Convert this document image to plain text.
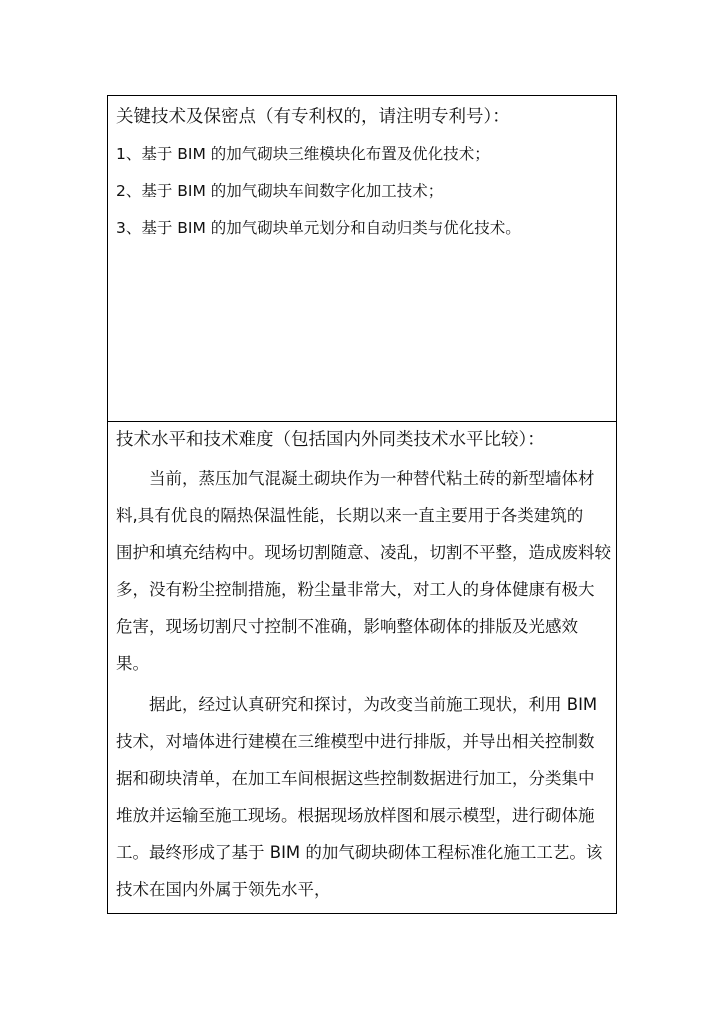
关键技术及保密点（有专利权的，请注明专利号）：
1、基于 BIM 的加气砌块三维模块化布置及优化技术；
2、基于 BIM 的加气砌块车间数字化加工技术；
3、基于 BIM 的加气砌块单元划分和自动归类与优化技术。
技术水平和技术难度（包括国内外同类技术水平比较）：
当前，蒸压加气混凝土砌块作为一种替代粘土砖的新型墙体材
料,具有优良的隔热保温性能，长期以来一直主要用于各类建筑的
围护和填充结构中。现场切割随意、凌乱，切割不平整，造成废料较
多，没有粉尘控制措施，粉尘量非常大，对工人的身体健康有极大
危害，现场切割尺寸控制不准确，影响整体砌体的排版及光感效
果。
据此，经过认真研究和探讨，为改变当前施工现状，利用 BIM
技术，对墙体进行建模在三维模型中进行排版，并导出相关控制数
据和砌块清单，在加工车间根据这些控制数据进行加工，分类集中
堆放并运输至施工现场。根据现场放样图和展示模型，进行砌体施
工。最终形成了基于 BIM 的加气砌块砌体工程标准化施工工艺。该
技术在国内外属于领先水平，
